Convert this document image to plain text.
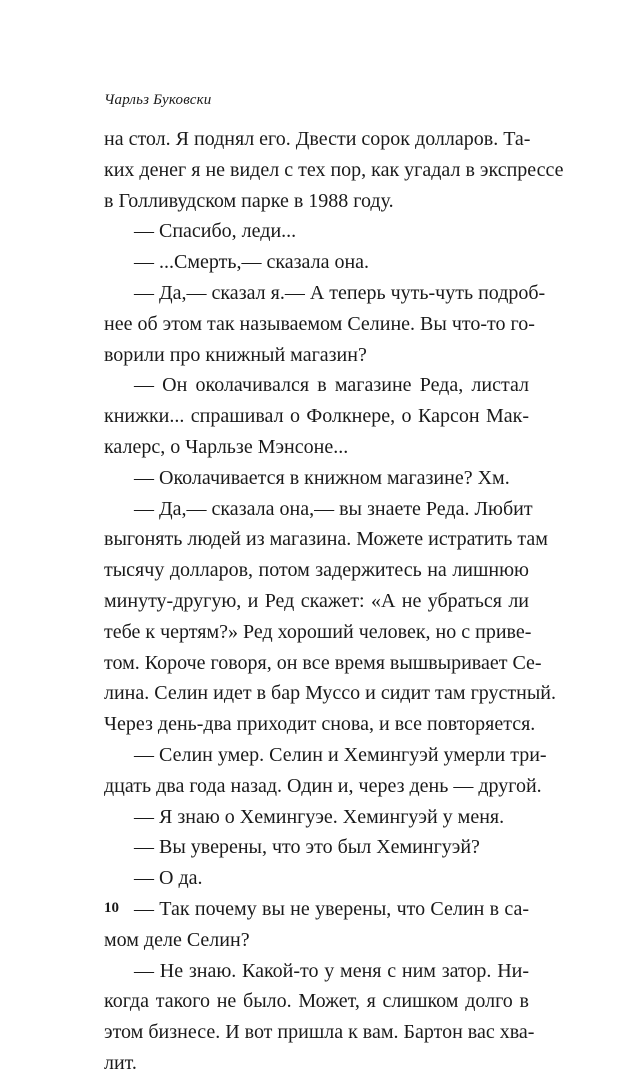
Чарльз Буковски
на стол. Я поднял его. Двести сорок долларов. Та-
ких денег я не видел с тех пор, как угадал в экспрессе
в Голливудском парке в 1988 году.
— Спасибо, леди...
— ...Смерть,— сказала она.
— Да,— сказал я.— А теперь чуть-чуть подроб-
нее об этом так называемом Селине. Вы что-то го-
ворили про книжный магазин?
— Он околачивался в магазине Реда, листал
книжки... спрашивал о Фолкнере, о Карсон Мак-
калерс, о Чарльзе Мэнсоне...
— Околачивается в книжном магазине? Хм.
— Да,— сказала она,— вы знаете Реда. Любит
выгонять людей из магазина. Можете истратить там
тысячу долларов, потом задержитесь на лишнюю
минуту-другую, и Ред скажет: «А не убраться ли
тебе к чертям?» Ред хороший человек, но с приве-
том. Короче говоря, он все время вышвыривает Се-
лина. Селин идет в бар Муссо и сидит там грустный.
Через день-два приходит снова, и все повторяется.
— Селин умер. Селин и Хемингуэй умерли три-
дцать два года назад. Один и, через день — другой.
— Я знаю о Хемингуэе. Хемингуэй у меня.
— Вы уверены, что это был Хемингуэй?
— О да.
— Так почему вы не уверены, что Селин в са-
мом деле Селин?
— Не знаю. Какой-то у меня с ним затор. Ни-
когда такого не было. Может, я слишком долго в
этом бизнесе. И вот пришла к вам. Бартон вас хва-
лит.
10
